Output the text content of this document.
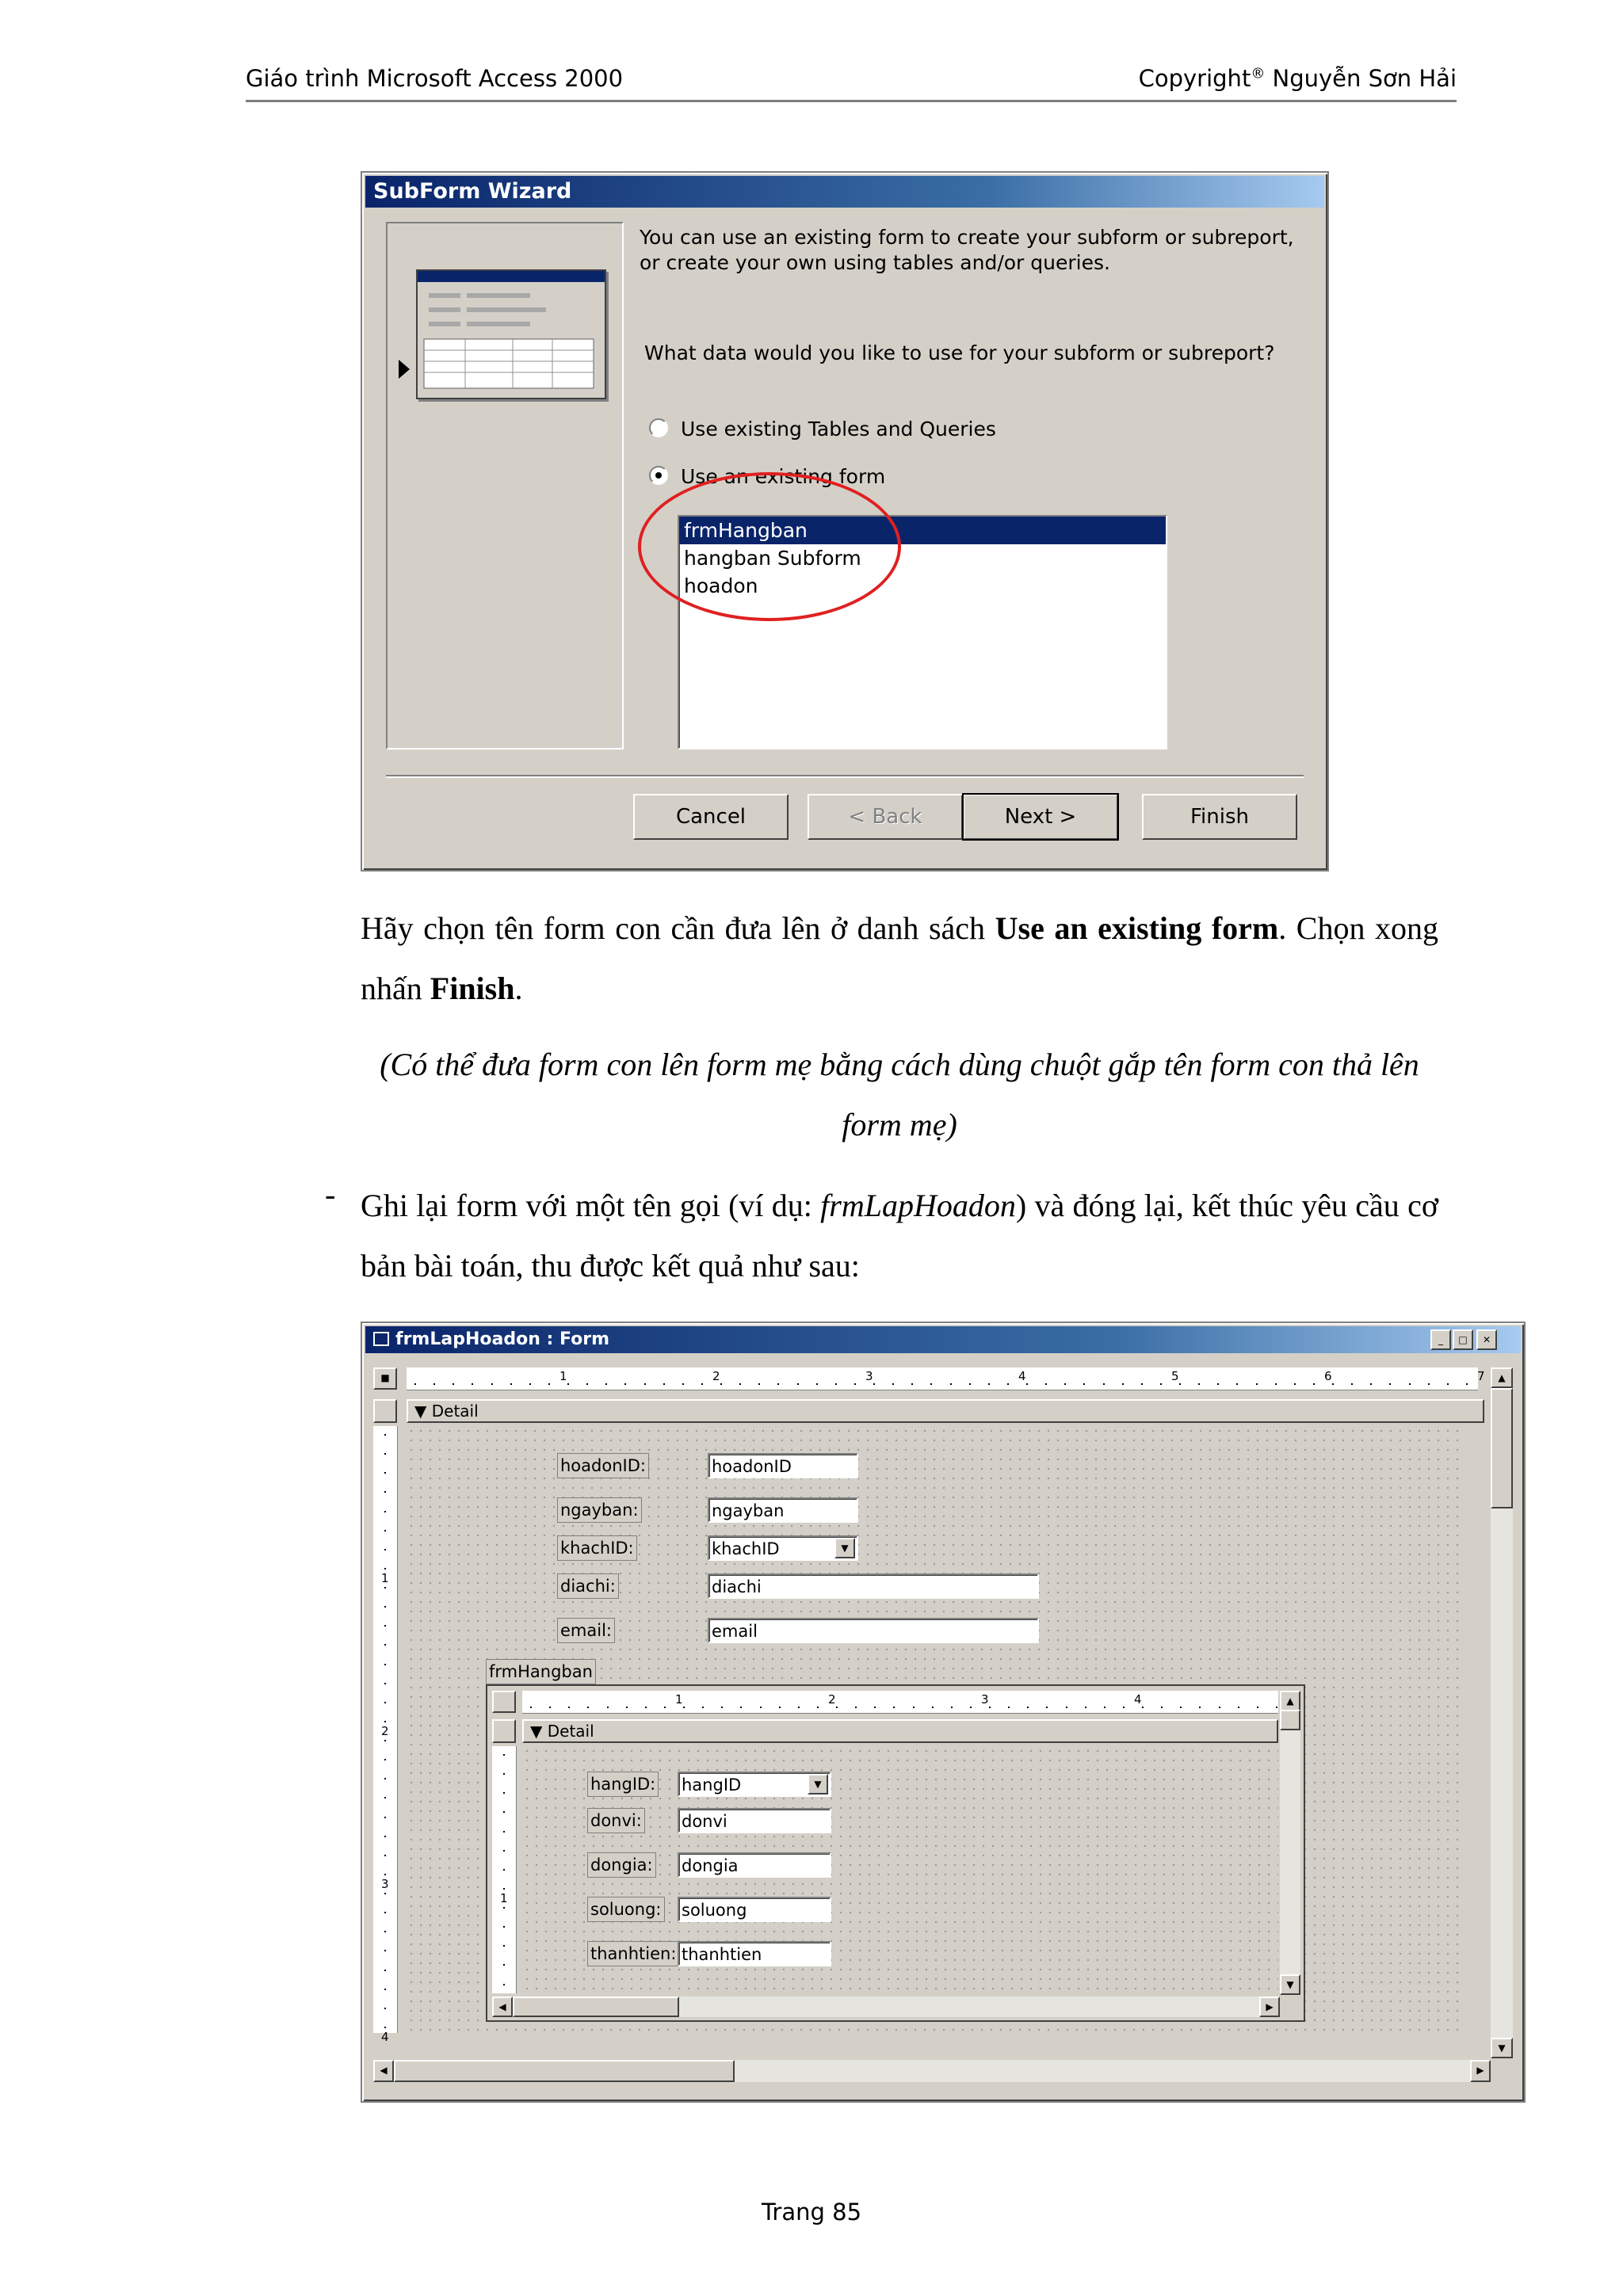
Giáo trình Microsoft Access 2000	Copyright® Nguyễn Sơn Hải
SubForm Wizard
You can use an existing form to create your subform or subreport, or create your own using tables and/or queries.
What data would you like to use for your subform or subreport?
Use existing Tables and Queries
Use an existing form
frmHangban
hangban Subform
hoadon
Cancel	< Back	Next >	Finish
Hãy chọn tên form con cần đưa lên ở danh sách Use an existing form. Chọn xong nhấn Finish.
(Có thể đưa form con lên form mẹ bằng cách dùng chuột gắp tên form con thả lên form mẹ)
- Ghi lại form với một tên gọi (ví dụ: frmLapHoadon) và đóng lại, kết thúc yêu cầu cơ bản bài toán, thu được kết quả như sau:
frmLapHoadon : Form	_	□	✕
■	1	2	3	4	5	6	7
▼ Detail
1
2
3
4
hoadonID:	hoadonID
ngayban:	ngayban
khachID:	khachID	▼
diachi:	diachi
email:	email
frmHangban
1	2	3	4
▼ Detail
1
hangID: hangID	▼
donvi: donvi
dongia: dongia
soluong: soluong
thanhtien: thanhtien
▲
▼
◀	▶
▲
▼
◀	▶
Trang 85
